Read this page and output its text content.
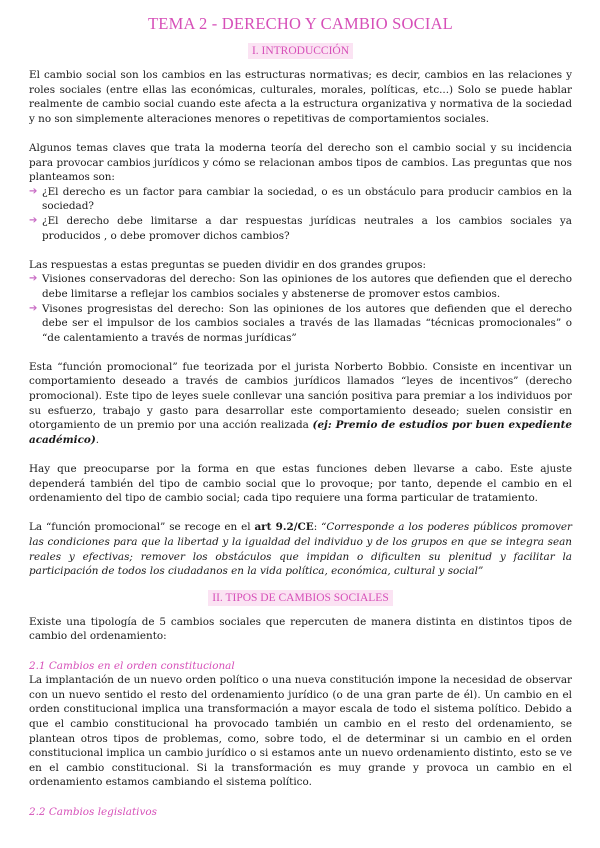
TEMA 2 - DERECHO Y CAMBIO SOCIAL
I. INTRODUCCIÓN

El cambio social son los cambios en las estructuras normativas; es decir, cambios en las relaciones y roles sociales (entre ellas las económicas, culturales, morales, políticas, etc...) Solo se puede hablar realmente de cambio social cuando este afecta a la estructura organizativa y normativa de la sociedad y no son simplemente alteraciones menores o repetitivas de comportamientos sociales.

Algunos temas claves que trata la moderna teoría del derecho son el cambio social y su incidencia para provocar cambios jurídicos y cómo se relacionan ambos tipos de cambios. Las preguntas que nos planteamos son:

➔ ¿El derecho es un factor para cambiar la sociedad, o es un obstáculo para producir cambios en la sociedad?
➔ ¿El derecho debe limitarse a dar respuestas jurídicas neutrales a los cambios sociales ya producidos , o debe promover dichos cambios?

Las respuestas a estas preguntas se pueden dividir en dos grandes grupos:

➔ Visiones conservadoras del derecho: Son las opiniones de los autores que defienden que el derecho debe limitarse a reflejar los cambios sociales y abstenerse de promover estos cambios.
➔ Visones progresistas del derecho: Son las opiniones de los autores que defienden que el derecho debe ser el impulsor de los cambios sociales a través de las llamadas “técnicas promocionales” o “de calentamiento a través de normas jurídicas”

Esta “función promocional” fue teorizada por el jurista Norberto Bobbio. Consiste en incentivar un comportamiento deseado a través de cambios jurídicos llamados “leyes de incentivos” (derecho promocional). Este tipo de leyes suele conllevar una sanción positiva para premiar a los individuos por su esfuerzo, trabajo y gasto para desarrollar este comportamiento deseado; suelen consistir en otorgamiento de un premio por una acción realizada (ej: Premio de estudios por buen expediente académico).

Hay que preocuparse por la forma en que estas funciones deben llevarse a cabo. Este ajuste dependerá también del tipo de cambio social que lo provoque; por tanto, depende el cambio en el ordenamiento del tipo de cambio social; cada tipo requiere una forma particular de tratamiento.

La “función promocional” se recoge en el art 9.2/CE: “Corresponde a los poderes públicos promover las condiciones para que la libertad y la igualdad del individuo y de los grupos en que se integra sean reales y efectivas; remover los obstáculos que impidan o dificulten su plenitud y facilitar la participación de todos los ciudadanos en la vida política, económica, cultural y social”

II. TIPOS DE CAMBIOS SOCIALES

Existe una tipología de 5 cambios sociales que repercuten de manera distinta en distintos tipos de cambio del ordenamiento:

2.1 Cambios en el orden constitucional

La implantación de un nuevo orden político o una nueva constitución impone la necesidad de observar con un nuevo sentido el resto del ordenamiento jurídico (o de una gran parte de él). Un cambio en el orden constitucional implica una transformación a mayor escala de todo el sistema político. Debido a que el cambio constitucional ha provocado también un cambio en el resto del ordenamiento, se plantean otros tipos de problemas, como, sobre todo, el de determinar si un cambio en el orden constitucional implica un cambio jurídico o si estamos ante un nuevo ordenamiento distinto, esto se ve en el cambio constitucional. Si la transformación es muy grande y provoca un cambio en el ordenamiento estamos cambiando el sistema político.

2.2 Cambios legislativos
